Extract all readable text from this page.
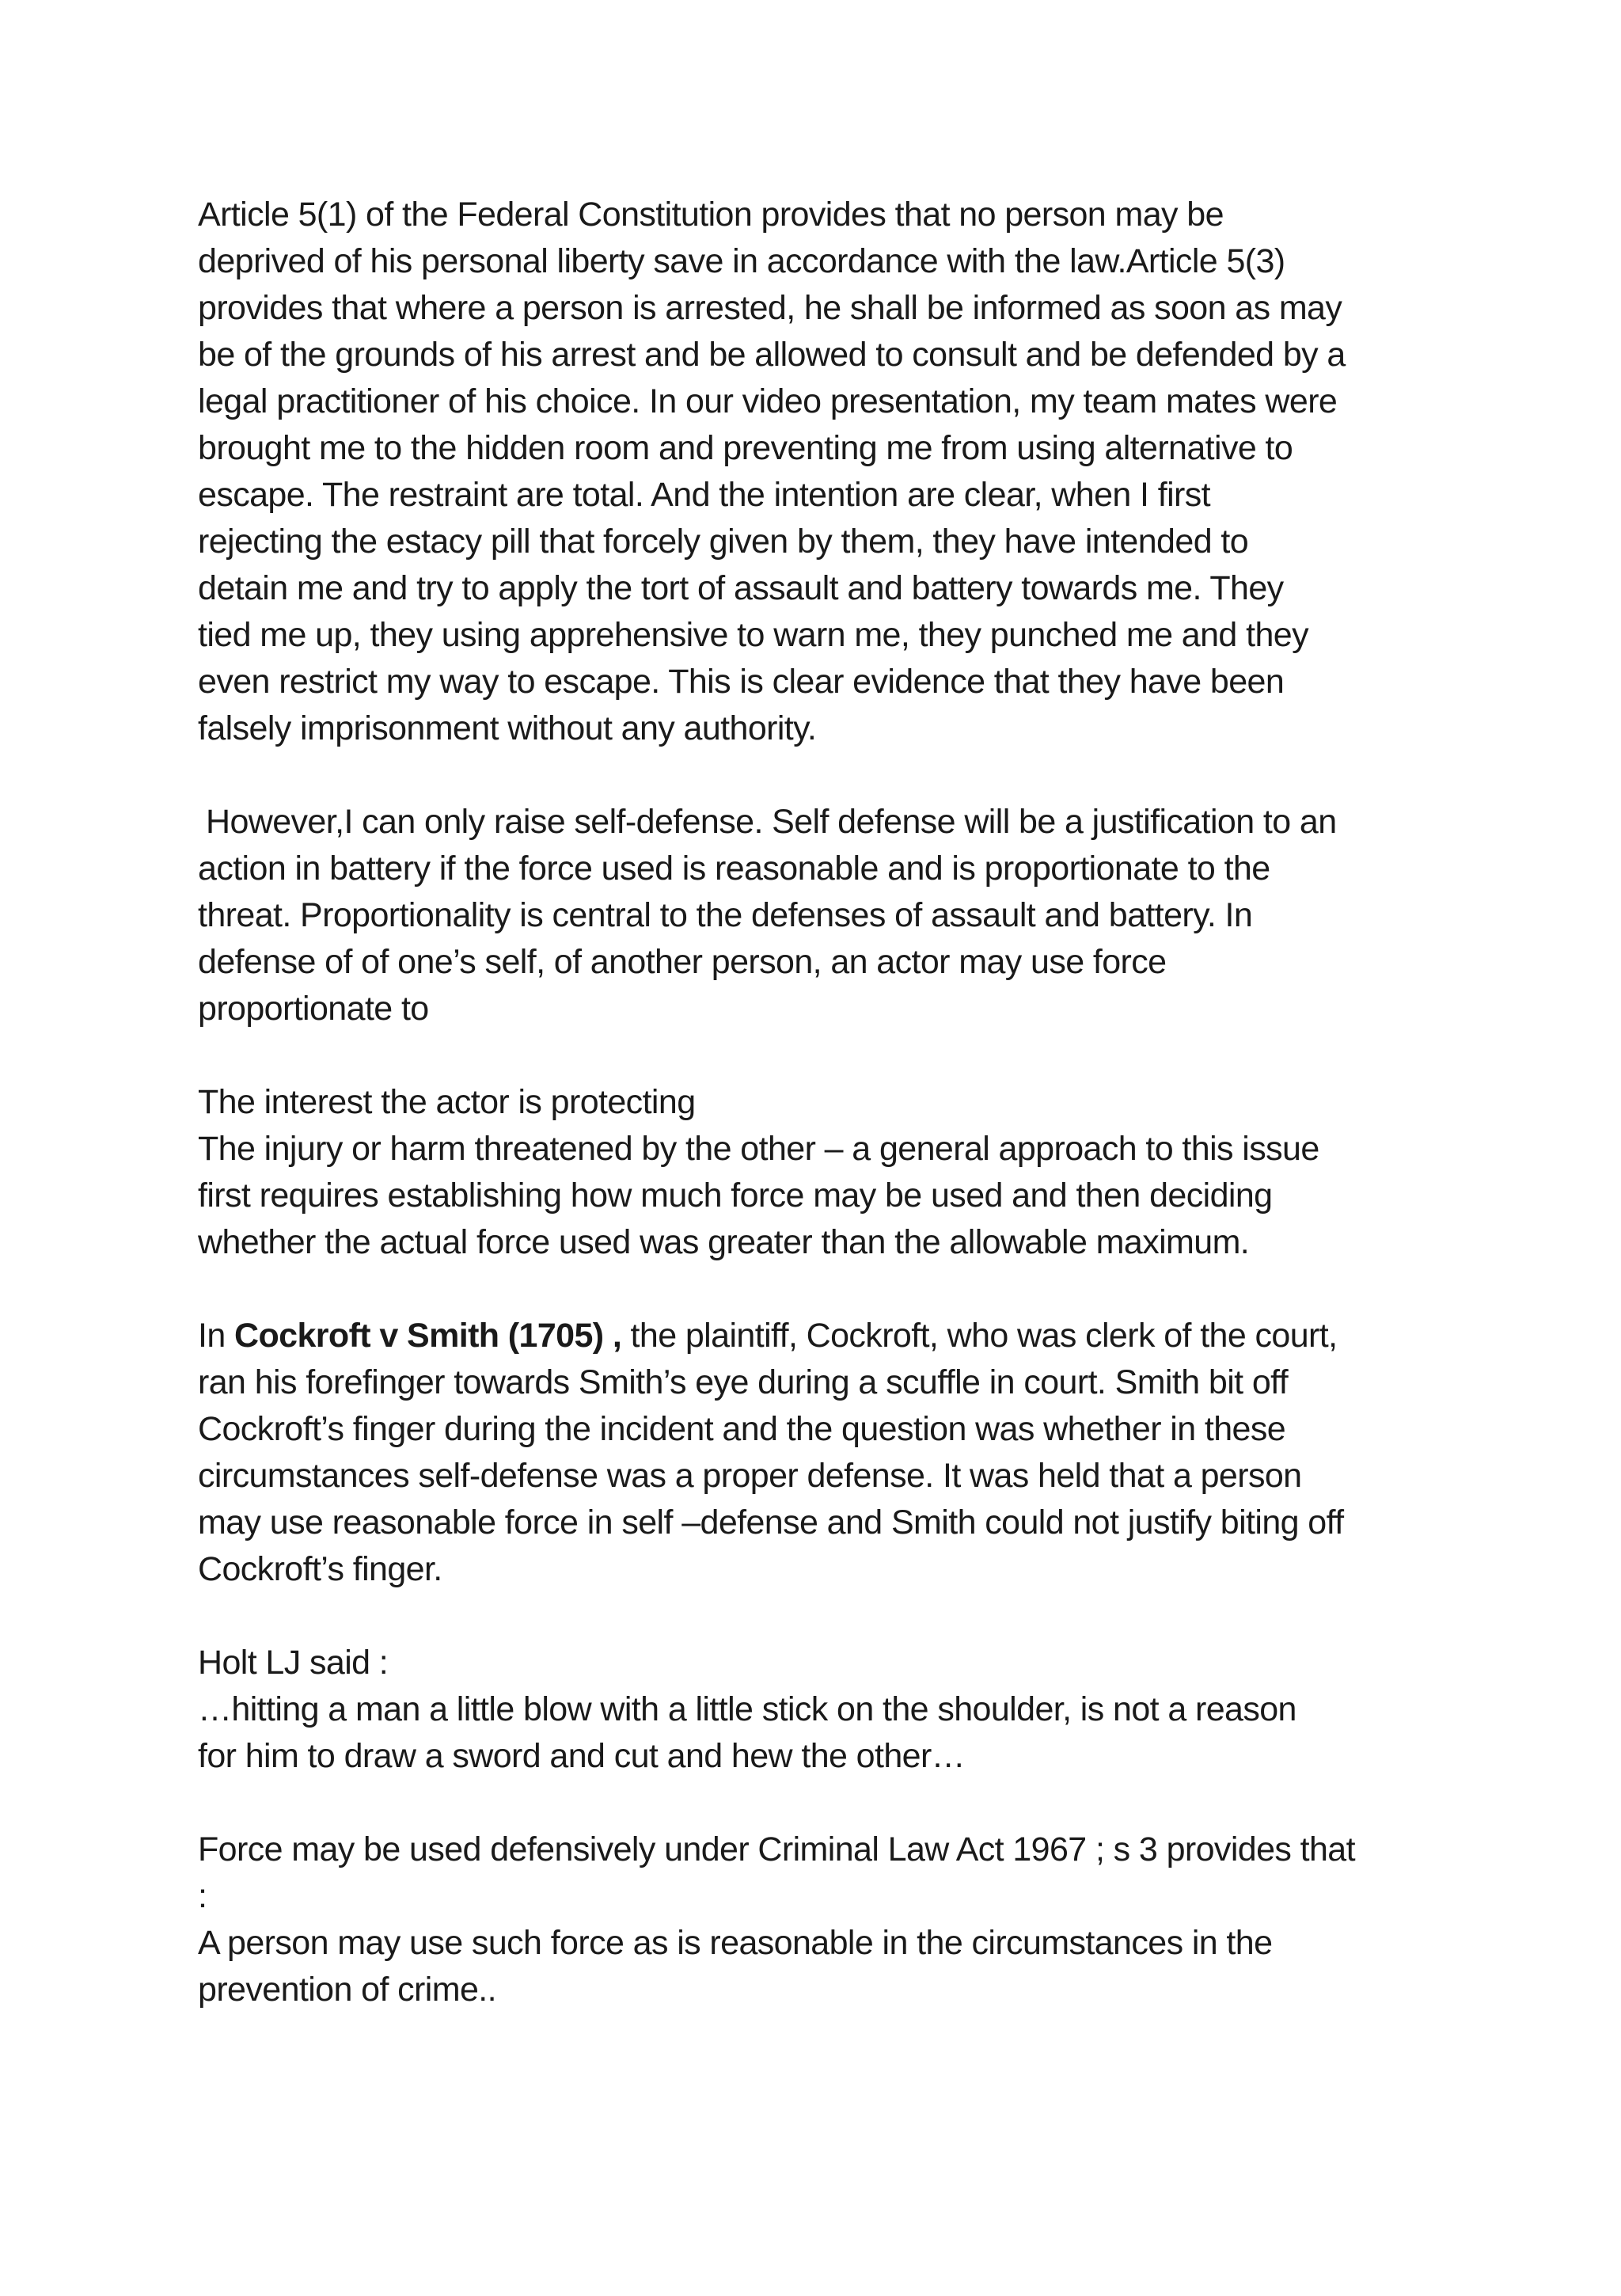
Article 5(1) of the Federal Constitution provides that no person may be
deprived of his personal liberty save in accordance with the law.Article 5(3)
provides that where a person is arrested, he shall be informed as soon as may
be of the grounds of his arrest and be allowed to consult and be defended by a
legal practitioner of his choice. In our video presentation, my team mates were
brought me to the hidden room and preventing me from using alternative to
escape. The restraint are total. And the intention are clear, when I first
rejecting the estacy pill that forcely given by them, they have intended to
detain me and try to apply the tort of assault and battery towards me. They
tied me up, they using apprehensive to warn me, they punched me and they
even restrict my way to escape. This is clear evidence that they have been
falsely imprisonment without any authority.

However,I can only raise self-defense. Self defense will be a justification to an
action in battery if the force used is reasonable and is proportionate to the
threat. Proportionality is central to the defenses of assault and battery. In
defense of of one’s self, of another person, an actor may use force
proportionate to

The interest the actor is protecting
The injury or harm threatened by the other – a general approach to this issue
first requires establishing how much force may be used and then deciding
whether the actual force used was greater than the allowable maximum.

In Cockroft v Smith (1705) , the plaintiff, Cockroft, who was clerk of the court,
ran his forefinger towards Smith’s eye during a scuffle in court. Smith bit off
Cockroft’s finger during the incident and the question was whether in these
circumstances self-defense was a proper defense. It was held that a person
may use reasonable force in self –defense and Smith could not justify biting off
Cockroft’s finger.

Holt LJ said :
…hitting a man a little blow with a little stick on the shoulder, is not a reason
for him to draw a sword and cut and hew the other…

Force may be used defensively under Criminal Law Act 1967 ; s 3 provides that
:
A person may use such force as is reasonable in the circumstances in the
prevention of crime..
